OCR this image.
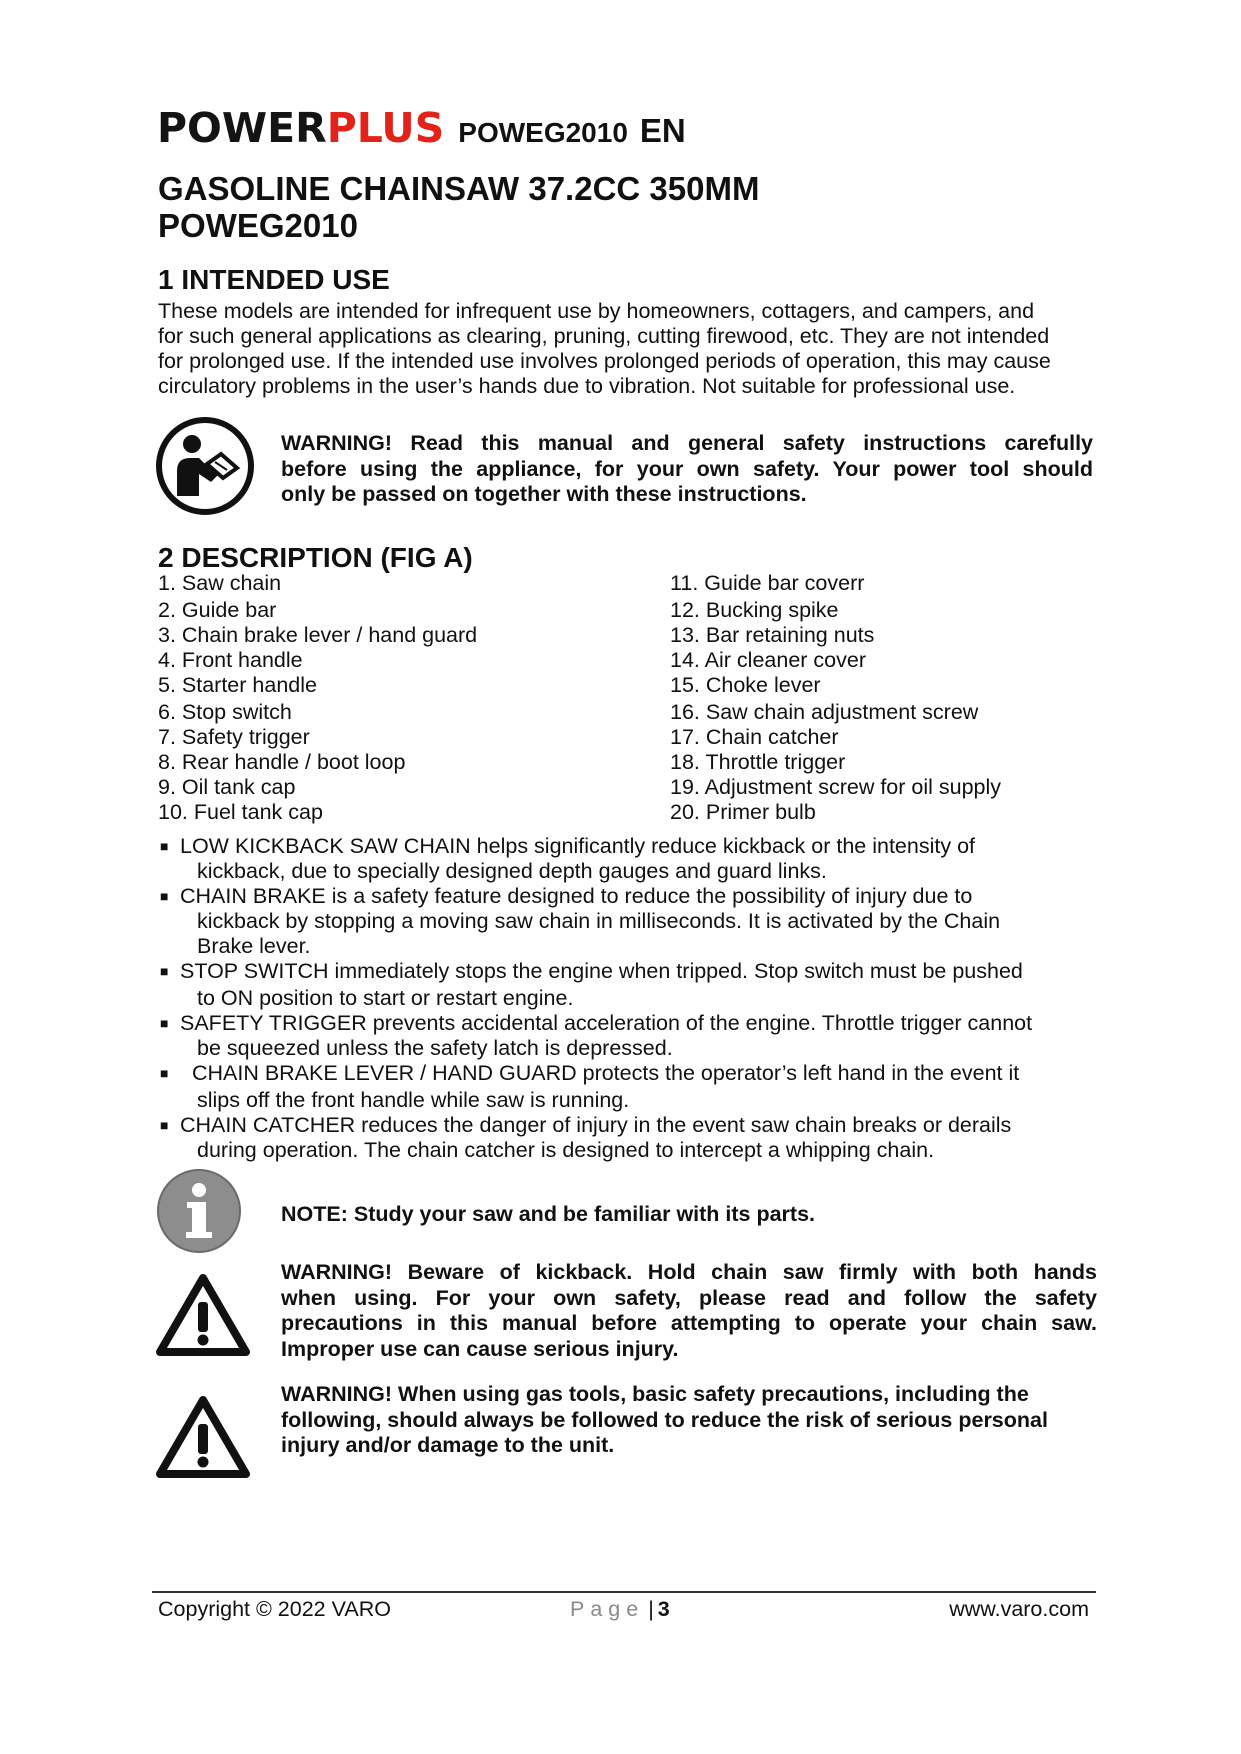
POWER PLUS POWEG2010 EN
GASOLINE CHAINSAW 37.2CC 350MM
POWEG2010
1 INTENDED USE
These models are intended for infrequent use by homeowners, cottagers, and campers, and
for such general applications as clearing, pruning, cutting firewood, etc. They are not intended
for prolonged use. If the intended use involves prolonged periods of operation, this may cause
circulatory problems in the user’s hands due to vibration. Not suitable for professional use.
WARNING! Read this manual and general safety instructions carefully
before using the appliance, for your own safety. Your power tool should
only be passed on together with these instructions.
2 DESCRIPTION (FIG A)
1. Saw chain
2. Guide bar
3. Chain brake lever / hand guard
4. Front handle
5. Starter handle
6. Stop switch
7. Safety trigger
8. Rear handle / boot loop
9. Oil tank cap
10. Fuel tank cap
11. Guide bar coverr
12. Bucking spike
13. Bar retaining nuts
14. Air cleaner cover
15. Choke lever
16. Saw chain adjustment screw
17. Chain catcher
18. Throttle trigger
19. Adjustment screw for oil supply
20. Primer bulb
■ LOW KICKBACK SAW CHAIN helps significantly reduce kickback or the intensity of
kickback, due to specially designed depth gauges and guard links.
■ CHAIN BRAKE is a safety feature designed to reduce the possibility of injury due to
kickback by stopping a moving saw chain in milliseconds. It is activated by the Chain
Brake lever.
■ STOP SWITCH immediately stops the engine when tripped. Stop switch must be pushed
to ON position to start or restart engine.
■ SAFETY TRIGGER prevents accidental acceleration of the engine. Throttle trigger cannot
be squeezed unless the safety latch is depressed.
■ CHAIN BRAKE LEVER / HAND GUARD protects the operator’s left hand in the event it
slips off the front handle while saw is running.
■ CHAIN CATCHER reduces the danger of injury in the event saw chain breaks or derails
during operation. The chain catcher is designed to intercept a whipping chain.
NOTE: Study your saw and be familiar with its parts.
WARNING! Beware of kickback. Hold chain saw firmly with both hands
when using. For your own safety, please read and follow the safety
precautions in this manual before attempting to operate your chain saw.
Improper use can cause serious injury.
WARNING! When using gas tools, basic safety precautions, including the
following, should always be followed to reduce the risk of serious personal
injury and/or damage to the unit.
Copyright © 2022 VARO	Page | 3	www.varo.com
